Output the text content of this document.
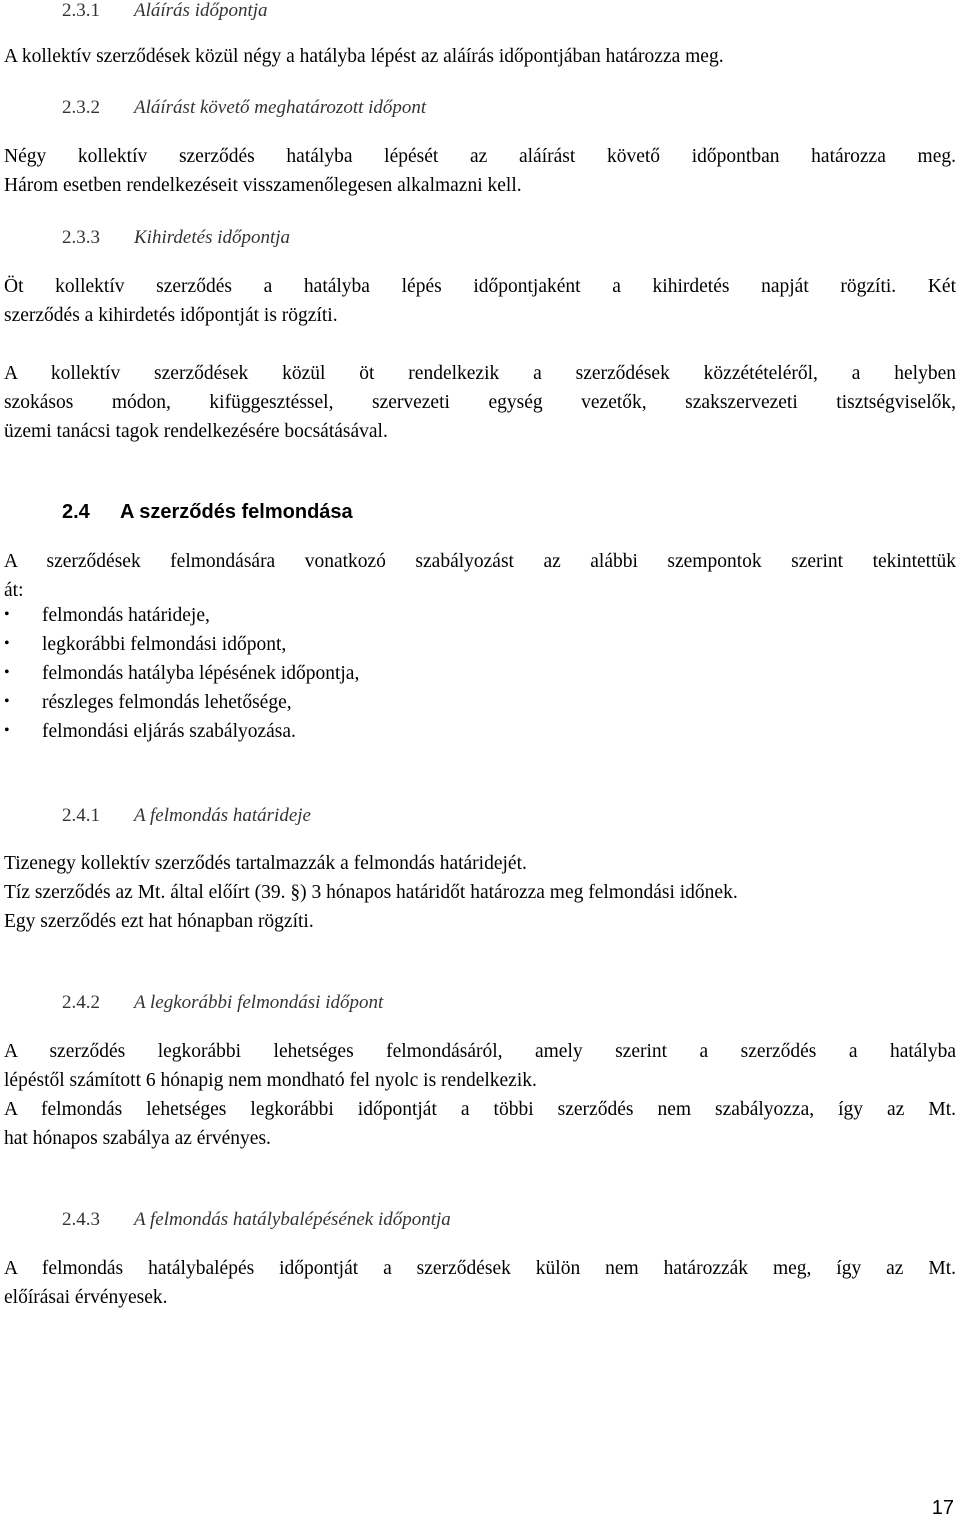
2.3.1 Aláírás időpontja
A kollektív szerződések közül négy a hatályba lépést az aláírás időpontjában határozza meg.
2.3.2 Aláírást követő meghatározott időpont
Négy kollektív szerződés hatályba lépését az aláírást követő időpontban határozza meg.
Három esetben rendelkezéseit visszamenőlegesen alkalmazni kell.
2.3.3 Kihirdetés időpontja
Öt kollektív szerződés a hatályba lépés időpontjaként a kihirdetés napját rögzíti. Két
szerződés a kihirdetés időpontját is rögzíti.
A kollektív szerződések közül öt rendelkezik a szerződések közzétételéről, a helyben
szokásos módon, kifüggesztéssel, szervezeti egység vezetők, szakszervezeti tisztségviselők,
üzemi tanácsi tagok rendelkezésére bocsátásával.
2.4 A szerződés felmondása
A szerződések felmondására vonatkozó szabályozást az alábbi szempontok szerint tekintettük
át:
• felmondás határideje,
• legkorábbi felmondási időpont,
• felmondás hatályba lépésének időpontja,
• részleges felmondás lehetősége,
• felmondási eljárás szabályozása.
2.4.1 A felmondás határideje
Tizenegy kollektív szerződés tartalmazzák a felmondás határidejét.
Tíz szerződés az Mt. által előírt (39. §) 3 hónapos határidőt határozza meg felmondási időnek.
Egy szerződés ezt hat hónapban rögzíti.
2.4.2 A legkorábbi felmondási időpont
A szerződés legkorábbi lehetséges felmondásáról, amely szerint a szerződés a hatályba
lépéstől számított 6 hónapig nem mondható fel nyolc is rendelkezik.
A felmondás lehetséges legkorábbi időpontját a többi szerződés nem szabályozza, így az Mt.
hat hónapos szabálya az érvényes.
2.4.3 A felmondás hatálybalépésének időpontja
A felmondás hatálybalépés időpontját a szerződések külön nem határozzák meg, így az Mt.
előírásai érvényesek.
17
